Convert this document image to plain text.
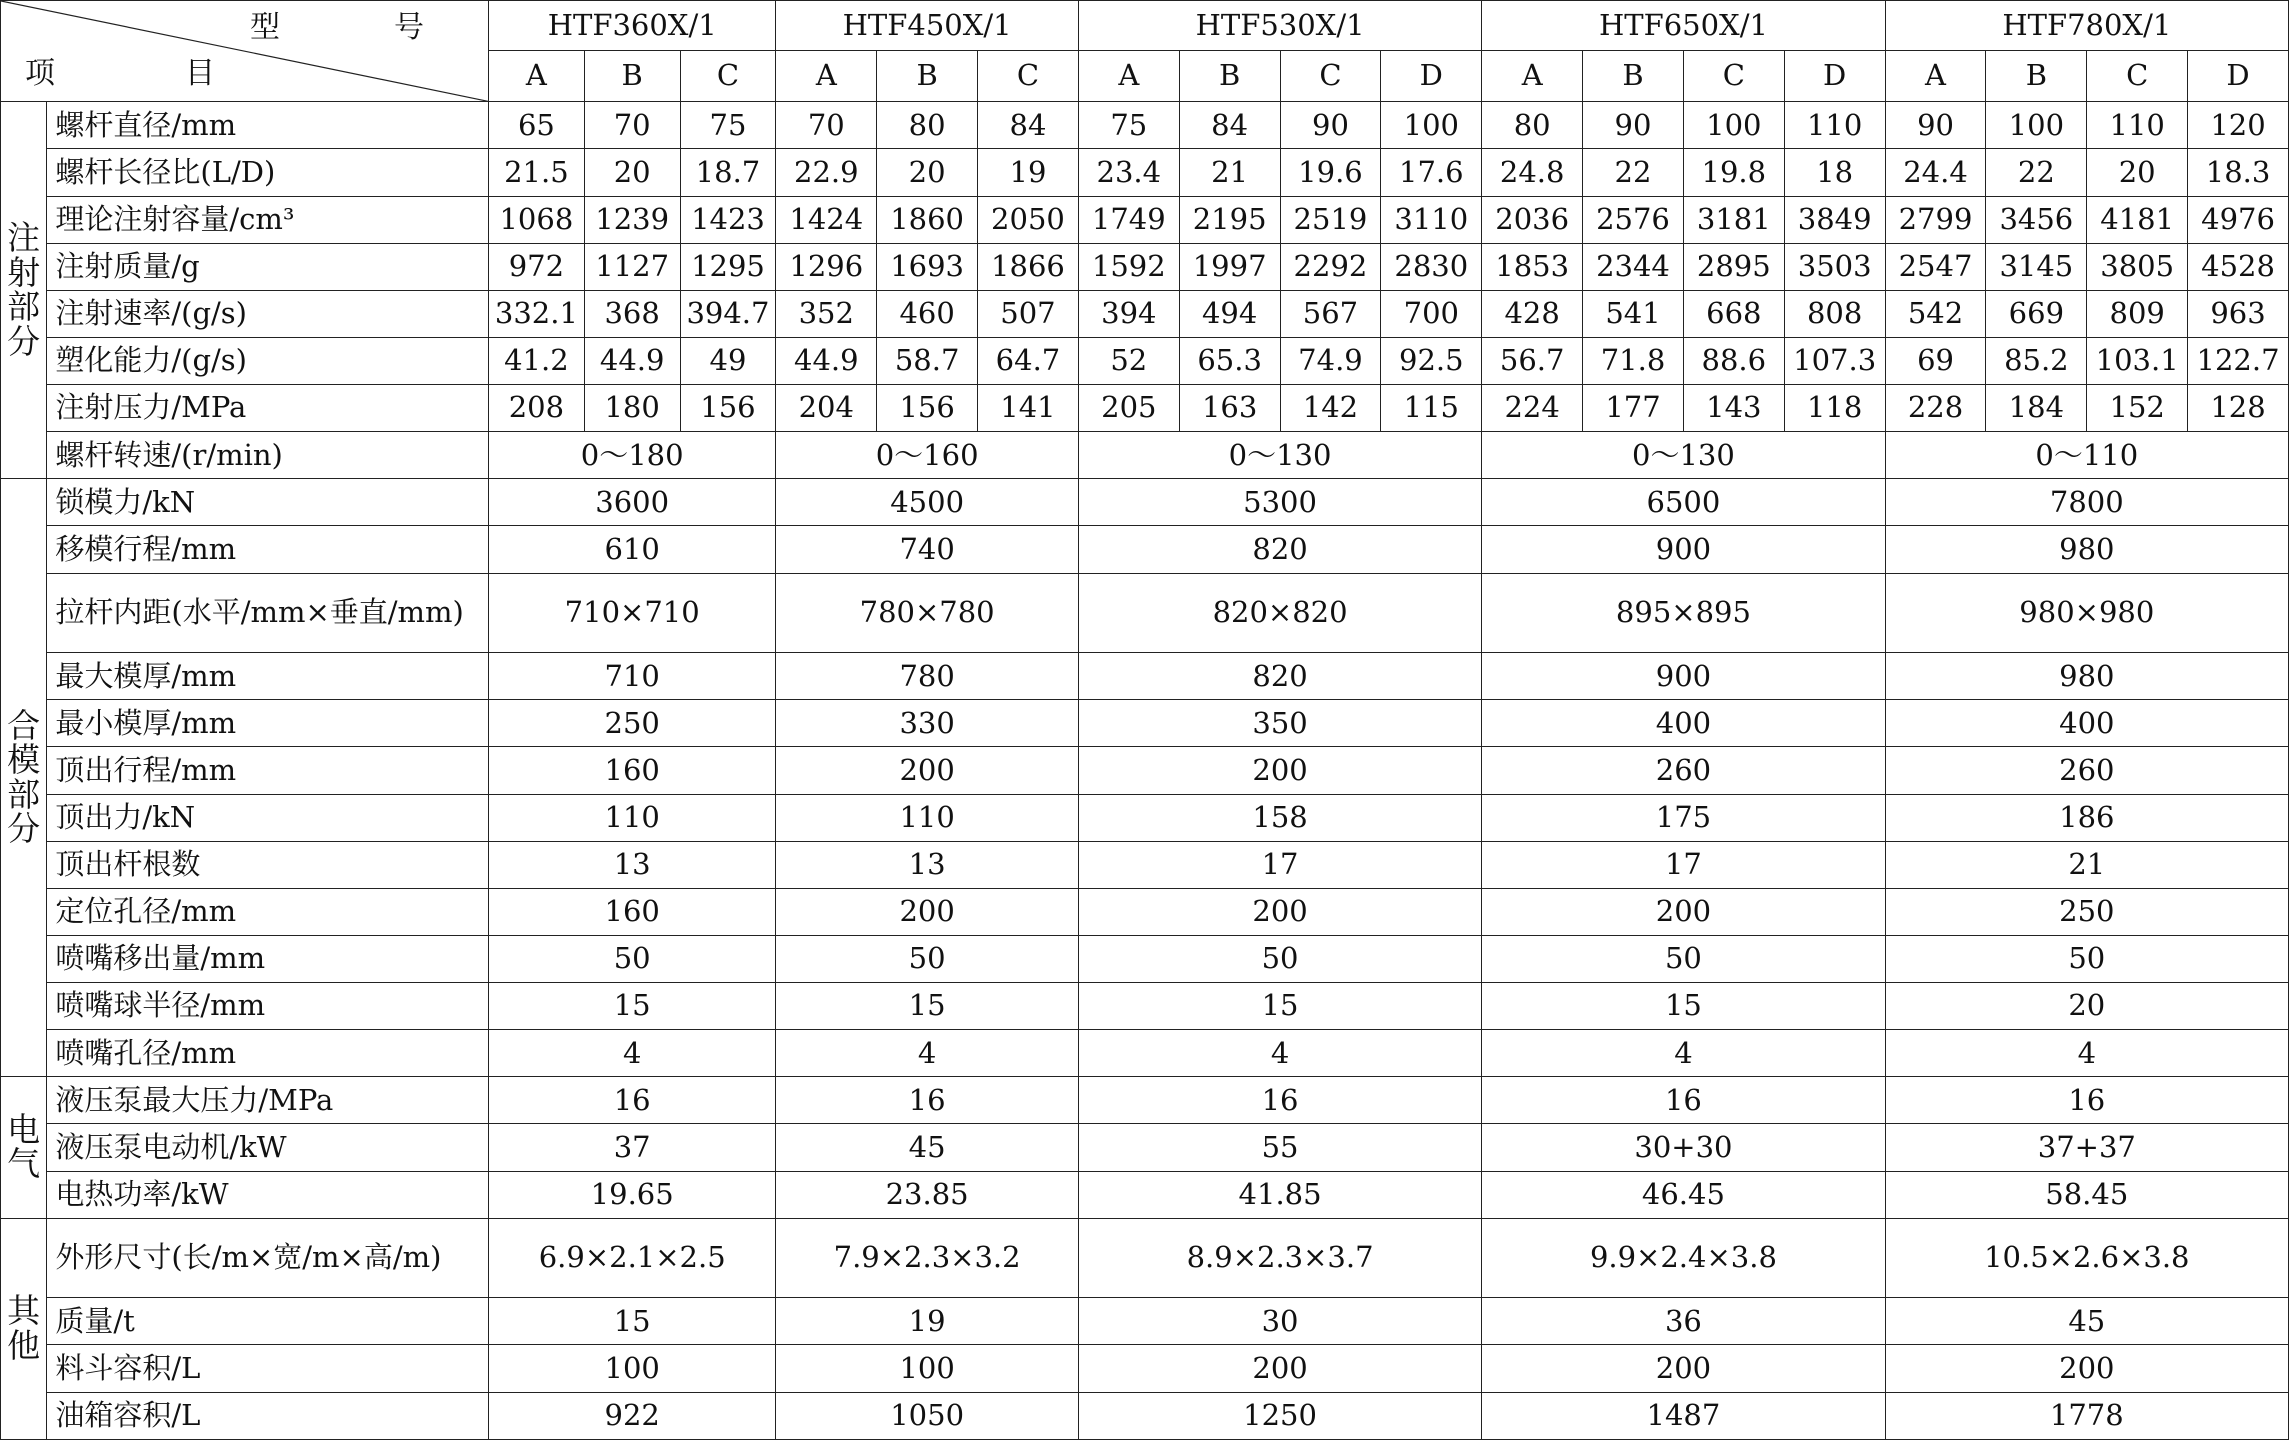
型　号
项　目		HTF360X/1			HTF450X/1			HTF530X/1				HTF650X/1				HTF780X/1			
		A	B	C	A	B	C	A	B	C	D	A	B	C	D	A	B	C	D
注射部分	螺杆直径/mm	65	70	75	70	80	84	75	84	90	100	80	90	100	110	90	100	110	120
	螺杆长径比(L/D)	21.5	20	18.7	22.9	20	19	23.4	21	19.6	17.6	24.8	22	19.8	18	24.4	22	20	18.3
	理论注射容量/cm³	1068	1239	1423	1424	1860	2050	1749	2195	2519	3110	2036	2576	3181	3849	2799	3456	4181	4976
	注射质量/g	972	1127	1295	1296	1693	1866	1592	1997	2292	2830	1853	2344	2895	3503	2547	3145	3805	4528
	注射速率/(g/s)	332.1	368	394.7	352	460	507	394	494	567	700	428	541	668	808	542	669	809	963
	塑化能力/(g/s)	41.2	44.9	49	44.9	58.7	64.7	52	65.3	74.9	92.5	56.7	71.8	88.6	107.3	69	85.2	103.1	122.7
	注射压力/MPa	208	180	156	204	156	141	205	163	142	115	224	177	143	118	228	184	152	128
	螺杆转速/(r/min)	0～180			0～160			0～130				0～130				0～110			
合模部分	锁模力/kN	3600			4500			5300				6500				7800			
	移模行程/mm	610			740			820				900				980			
	拉杆内距(水平/mm×垂直/mm)	710×710			780×780			820×820				895×895				980×980			
	最大模厚/mm	710			780			820				900				980			
	最小模厚/mm	250			330			350				400				400			
	顶出行程/mm	160			200			200				260				260			
	顶出力/kN	110			110			158				175				186			
	顶出杆根数	13			13			17				17				21			
	定位孔径/mm	160			200			200				200				250			
	喷嘴移出量/mm	50			50			50				50				50			
	喷嘴球半径/mm	15			15			15				15				20			
	喷嘴孔径/mm	4			4			4				4				4			
电气	液压泵最大压力/MPa	16			16			16				16				16			
	液压泵电动机/kW	37			45			55				30+30				37+37			
	电热功率/kW	19.65			23.85			41.85				46.45				58.45			
其他	外形尺寸(长/m×宽/m×高/m)	6.9×2.1×2.5			7.9×2.3×3.2			8.9×2.3×3.7				9.9×2.4×3.8				10.5×2.6×3.8			
	质量/t	15			19			30				36				45			
	料斗容积/L	100			100			200				200				200			
	油箱容积/L	922			1050			1250				1487				1778			
